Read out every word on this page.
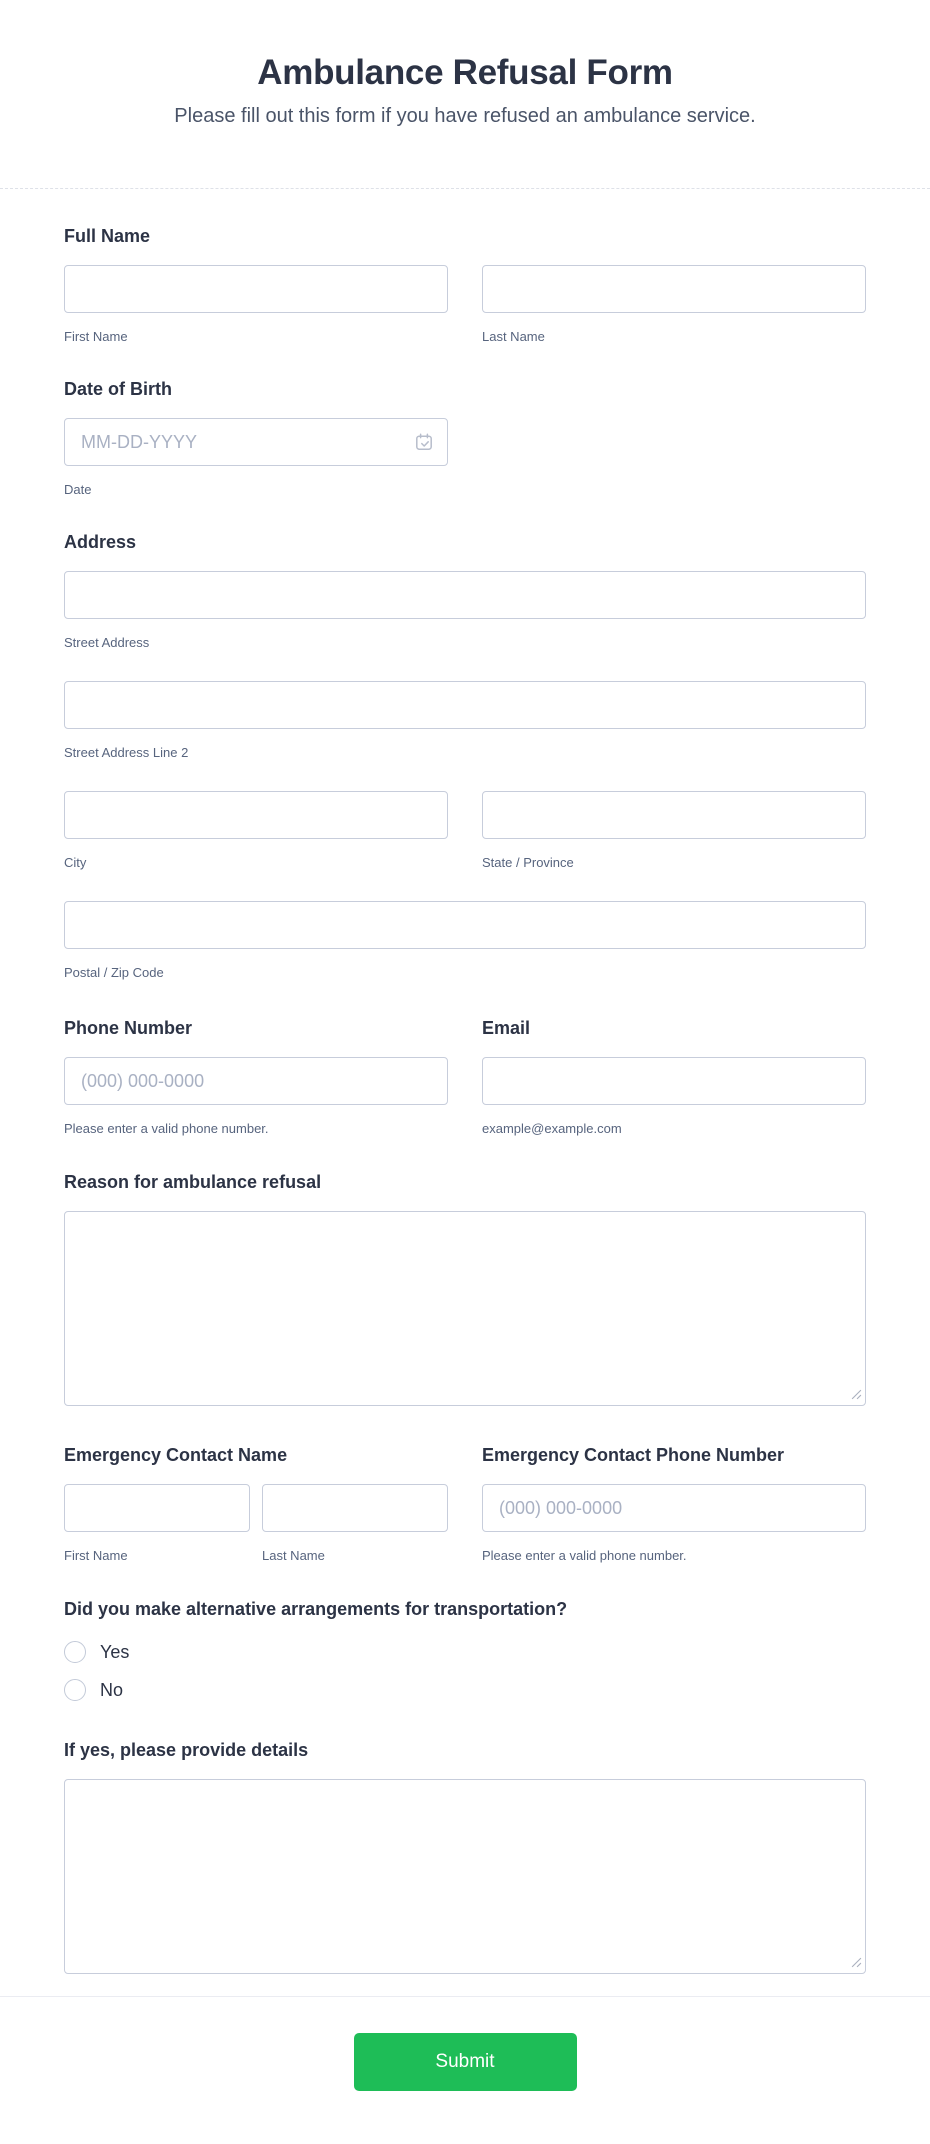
Ambulance Refusal Form

Please fill out this form if you have refused an ambulance service.

Full Name
First Name	Last Name
Date of Birth
MM-DD-YYYY
Date
Address
Street Address
Street Address Line 2
City	State / Province
Postal / Zip Code
Phone Number
(000) 000-0000
Please enter a valid phone number.
Email
example@example.com
Reason for ambulance refusal
Emergency Contact Name
First Name	Last Name
Emergency Contact Phone Number
(000) 000-0000
Please enter a valid phone number.
Did you make alternative arrangements for transportation?
Yes
No
If yes, please provide details
Submit
